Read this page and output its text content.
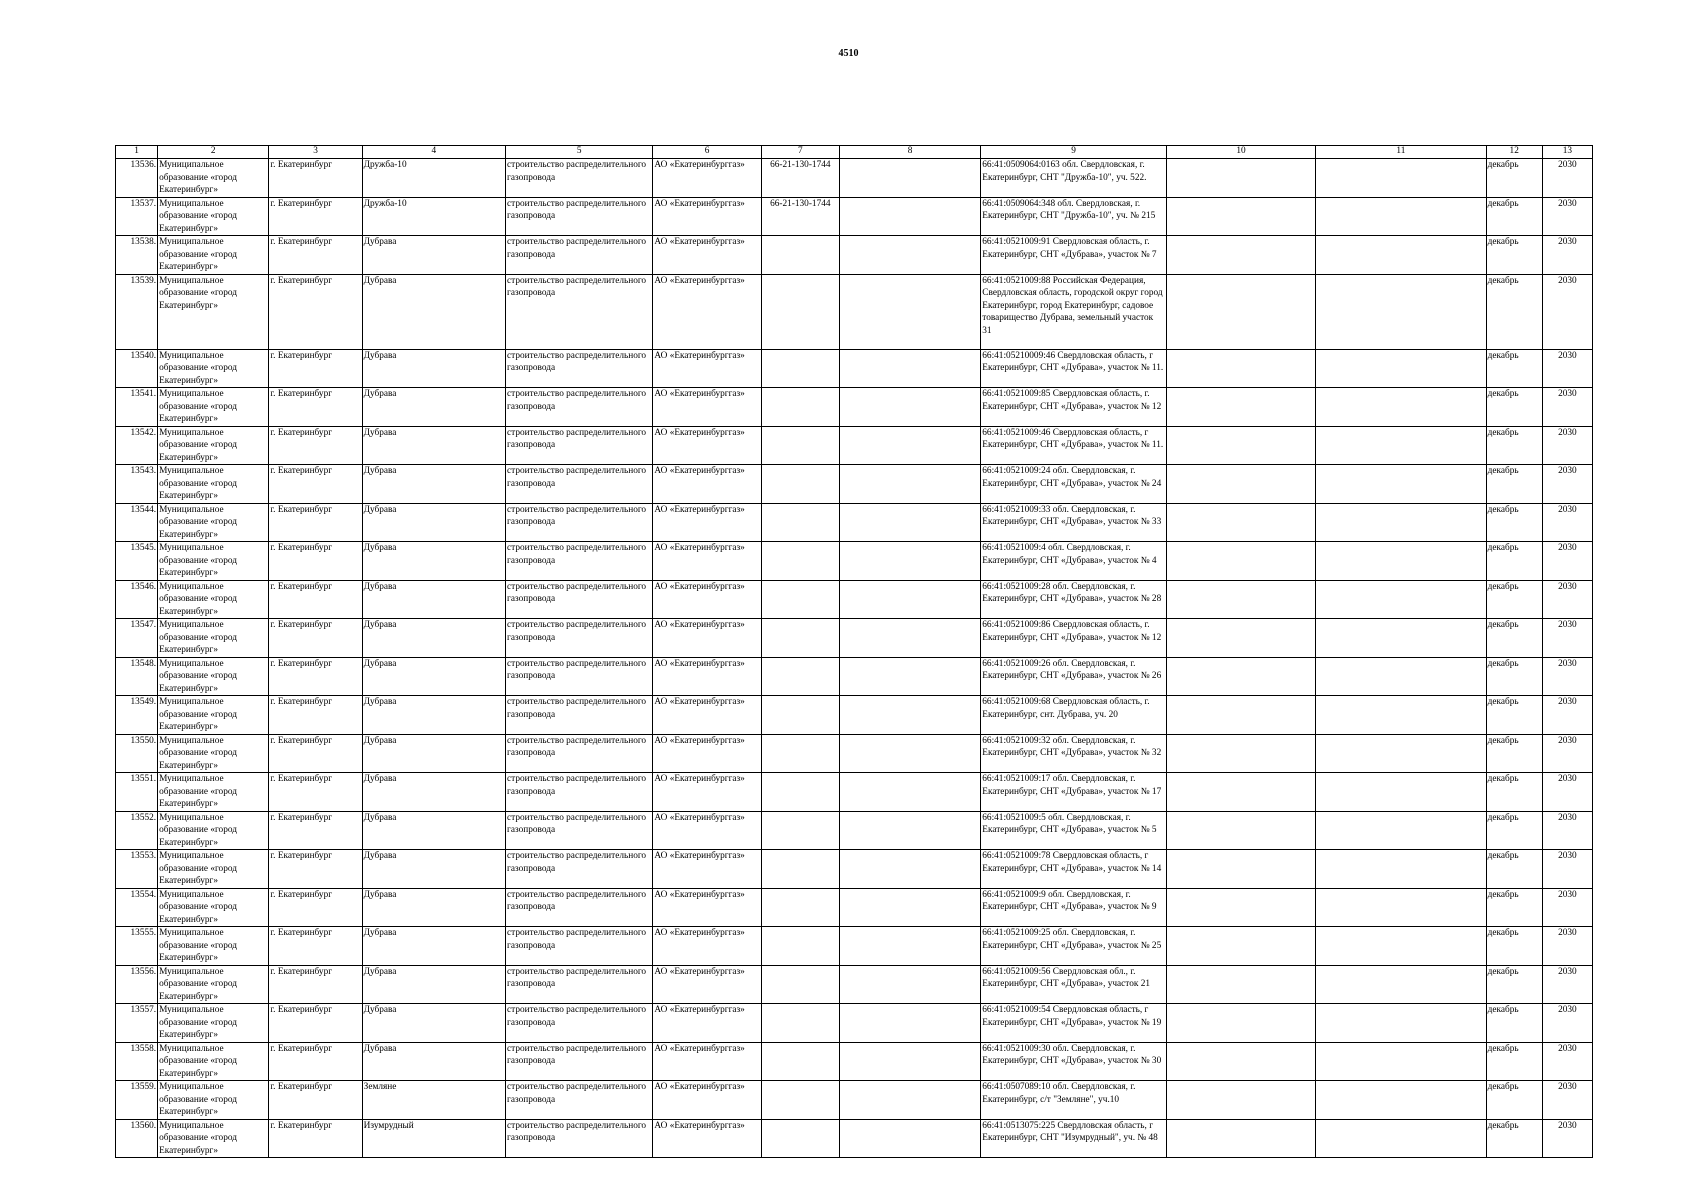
4510
1	2	3	4	5	6	7	8	9	10	11	12	13
13536.	Муниципальное образование «город Екатеринбург»	г. Екатеринбург	Дружба-10	строительство распределительного газопровода	АО «Екатеринбурггаз»	66-21-130-1744		66:41:0509064:0163 обл. Свердловская, г. Екатеринбург, СНТ "Дружба-10", уч. 522.			декабрь	2030
13537.	Муниципальное образование «город Екатеринбург»	г. Екатеринбург	Дружба-10	строительство распределительного газопровода	АО «Екатеринбурггаз»	66-21-130-1744		66:41:0509064:348 обл. Свердловская, г. Екатеринбург, СНТ "Дружба-10", уч. № 215			декабрь	2030
13538.	Муниципальное образование «город Екатеринбург»	г. Екатеринбург	Дубрава	строительство распределительного газопровода	АО «Екатеринбурггаз»			66:41:0521009:91 Свердловская область, г. Екатеринбург, СНТ «Дубрава», участок № 7			декабрь	2030
13539.	Муниципальное образование «город Екатеринбург»	г. Екатеринбург	Дубрава	строительство распределительного газопровода	АО «Екатеринбурггаз»			66:41:0521009:88 Российская Федерация, Свердловская область, городской округ город Екатеринбург, город Екатеринбург, садовое товарищество Дубрава, земельный участок 31			декабрь	2030
13540.	Муниципальное образование «город Екатеринбург»	г. Екатеринбург	Дубрава	строительство распределительного газопровода	АО «Екатеринбурггаз»			66:41:05210009:46 Свердловская область, г Екатеринбург, СНТ «Дубрава», участок № 11.			декабрь	2030
13541.	Муниципальное образование «город Екатеринбург»	г. Екатеринбург	Дубрава	строительство распределительного газопровода	АО «Екатеринбурггаз»			66:41:0521009:85 Свердловская область, г. Екатеринбург, СНТ «Дубрава», участок № 12			декабрь	2030
13542.	Муниципальное образование «город Екатеринбург»	г. Екатеринбург	Дубрава	строительство распределительного газопровода	АО «Екатеринбурггаз»			66:41:0521009:46 Свердловская область, г Екатеринбург, СНТ «Дубрава», участок № 11.			декабрь	2030
13543.	Муниципальное образование «город Екатеринбург»	г. Екатеринбург	Дубрава	строительство распределительного газопровода	АО «Екатеринбурггаз»			66:41:0521009:24 обл. Свердловская, г. Екатеринбург, СНТ «Дубрава», участок № 24			декабрь	2030
13544.	Муниципальное образование «город Екатеринбург»	г. Екатеринбург	Дубрава	строительство распределительного газопровода	АО «Екатеринбурггаз»			66:41:0521009:33 обл. Свердловская, г. Екатеринбург, СНТ «Дубрава», участок № 33			декабрь	2030
13545.	Муниципальное образование «город Екатеринбург»	г. Екатеринбург	Дубрава	строительство распределительного газопровода	АО «Екатеринбурггаз»			66:41:0521009:4 обл. Свердловская, г. Екатеринбург, СНТ «Дубрава», участок № 4			декабрь	2030
13546.	Муниципальное образование «город Екатеринбург»	г. Екатеринбург	Дубрава	строительство распределительного газопровода	АО «Екатеринбурггаз»			66:41:0521009:28 обл. Свердловская, г. Екатеринбург, СНТ «Дубрава», участок № 28			декабрь	2030
13547.	Муниципальное образование «город Екатеринбург»	г. Екатеринбург	Дубрава	строительство распределительного газопровода	АО «Екатеринбурггаз»			66:41:0521009:86 Свердловская область, г. Екатеринбург, СНТ «Дубрава», участок № 12			декабрь	2030
13548.	Муниципальное образование «город Екатеринбург»	г. Екатеринбург	Дубрава	строительство распределительного газопровода	АО «Екатеринбурггаз»			66:41:0521009:26 обл. Свердловская, г. Екатеринбург, СНТ «Дубрава», участок № 26			декабрь	2030
13549.	Муниципальное образование «город Екатеринбург»	г. Екатеринбург	Дубрава	строительство распределительного газопровода	АО «Екатеринбурггаз»			66:41:0521009:68 Свердловская область, г. Екатеринбург, снт. Дубрава, уч. 20			декабрь	2030
13550.	Муниципальное образование «город Екатеринбург»	г. Екатеринбург	Дубрава	строительство распределительного газопровода	АО «Екатеринбурггаз»			66:41:0521009:32 обл. Свердловская, г. Екатеринбург, СНТ «Дубрава», участок № 32			декабрь	2030
13551.	Муниципальное образование «город Екатеринбург»	г. Екатеринбург	Дубрава	строительство распределительного газопровода	АО «Екатеринбурггаз»			66:41:0521009:17 обл. Свердловская, г. Екатеринбург, СНТ «Дубрава», участок № 17			декабрь	2030
13552.	Муниципальное образование «город Екатеринбург»	г. Екатеринбург	Дубрава	строительство распределительного газопровода	АО «Екатеринбурггаз»			66:41:0521009:5 обл. Свердловская, г. Екатеринбург, СНТ «Дубрава», участок № 5			декабрь	2030
13553.	Муниципальное образование «город Екатеринбург»	г. Екатеринбург	Дубрава	строительство распределительного газопровода	АО «Екатеринбурггаз»			66:41:0521009:78 Свердловская область, г Екатеринбург, СНТ «Дубрава», участок № 14			декабрь	2030
13554.	Муниципальное образование «город Екатеринбург»	г. Екатеринбург	Дубрава	строительство распределительного газопровода	АО «Екатеринбурггаз»			66:41:0521009:9 обл. Свердловская, г. Екатеринбург, СНТ «Дубрава», участок № 9			декабрь	2030
13555.	Муниципальное образование «город Екатеринбург»	г. Екатеринбург	Дубрава	строительство распределительного газопровода	АО «Екатеринбурггаз»			66:41:0521009:25 обл. Свердловская, г. Екатеринбург, СНТ «Дубрава», участок № 25			декабрь	2030
13556.	Муниципальное образование «город Екатеринбург»	г. Екатеринбург	Дубрава	строительство распределительного газопровода	АО «Екатеринбурггаз»			66:41:0521009:56 Свердловская обл., г. Екатеринбург, СНТ «Дубрава», участок 21			декабрь	2030
13557.	Муниципальное образование «город Екатеринбург»	г. Екатеринбург	Дубрава	строительство распределительного газопровода	АО «Екатеринбурггаз»			66:41:0521009:54 Свердловская область, г Екатеринбург, СНТ «Дубрава», участок № 19			декабрь	2030
13558.	Муниципальное образование «город Екатеринбург»	г. Екатеринбург	Дубрава	строительство распределительного газопровода	АО «Екатеринбурггаз»			66:41:0521009:30 обл. Свердловская, г. Екатеринбург, СНТ «Дубрава», участок № 30			декабрь	2030
13559.	Муниципальное образование «город Екатеринбург»	г. Екатеринбург	Земляне	строительство распределительного газопровода	АО «Екатеринбурггаз»			66:41:0507089:10 обл. Свердловская, г. Екатеринбург, с/т "Земляне", уч.10			декабрь	2030
13560.	Муниципальное образование «город Екатеринбург»	г. Екатеринбург	Изумрудный	строительство распределительного газопровода	АО «Екатеринбурггаз»			66:41:0513075:225 Свердловская область, г Екатеринбург, СНТ "Изумрудный", уч. № 48			декабрь	2030
